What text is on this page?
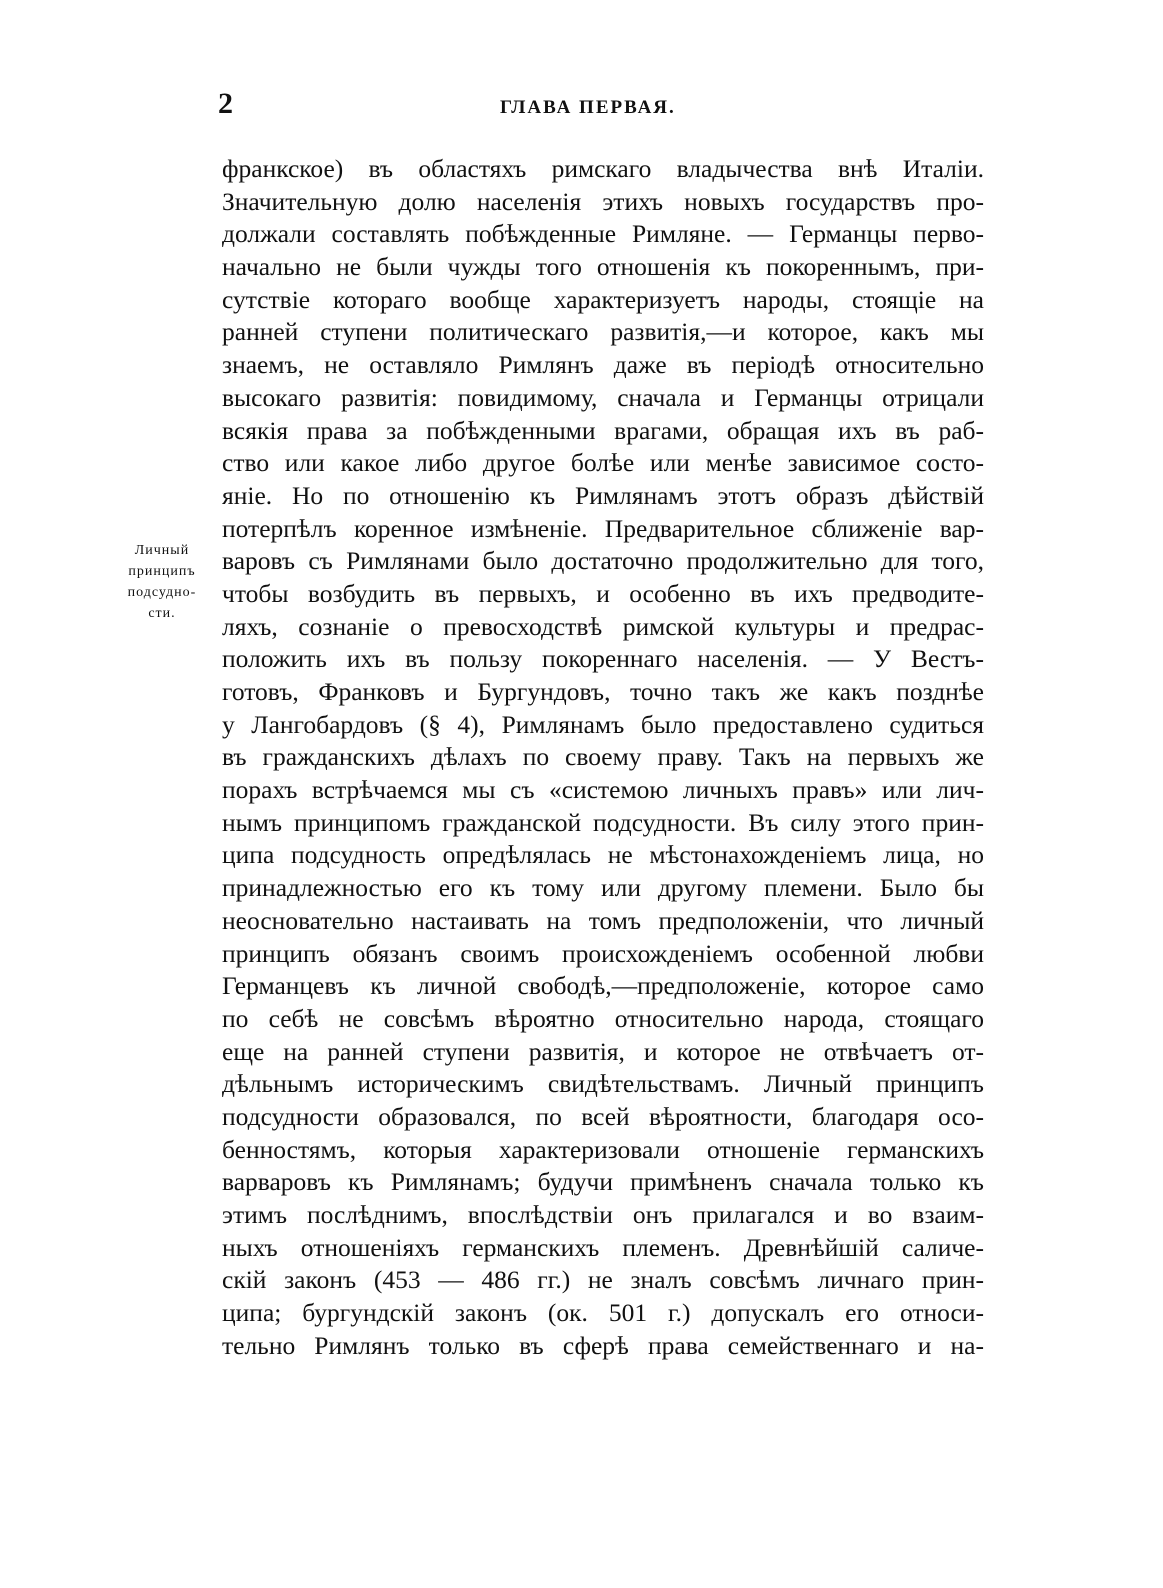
2	ГЛАВА ПЕРВАЯ.
Личный
принципъ
подсудно-
сти.
франкское) въ областяхъ римскаго владычества внѣ Италіи.
Значительную долю населенія этихъ новыхъ государствъ про-
должали составлять побѣжденные Римляне. — Германцы перво-
начально не были чужды того отношенія къ покореннымъ, при-
сутствіе котораго вообще характеризуетъ народы, стоящіе на
ранней ступени политическаго развитія,—и которое, какъ мы
знаемъ, не оставляло Римлянъ даже въ періодѣ относительно
высокаго развитія: повидимому, сначала и Германцы отрицали
всякія права за побѣжденными врагами, обращая ихъ въ раб-
ство или какое либо другое болѣе или менѣе зависимое состо-
яніе. Но по отношенію къ Римлянамъ этотъ образъ дѣйствій
потерпѣлъ коренное измѣненіе. Предварительное сближеніе вар-
варовъ съ Римлянами было достаточно продолжительно для того,
чтобы возбудить въ первыхъ, и особенно въ ихъ предводите-
ляхъ, сознаніе о превосходствѣ римской культуры и предрас-
положить ихъ въ пользу покореннаго населенія. — У Вестъ-
готовъ, Франковъ и Бургундовъ, точно такъ же какъ позднѣе
у Лангобардовъ (§ 4), Римлянамъ было предоставлено судиться
въ гражданскихъ дѣлахъ по своему праву. Такъ на первыхъ же
порахъ встрѣчаемся мы съ «системою личныхъ правъ» или лич-
нымъ принципомъ гражданской подсудности. Въ силу этого прин-
ципа подсудность опредѣлялась не мѣстонахожденіемъ лица, но
принадлежностью его къ тому или другому племени. Было бы
неосновательно настаивать на томъ предположеніи, что личный
принципъ обязанъ своимъ происхожденіемъ особенной любви
Германцевъ къ личной свободѣ,—предположеніе, которое само
по себѣ не совсѣмъ вѣроятно относительно народа, стоящаго
еще на ранней ступени развитія, и которое не отвѣчаетъ от-
дѣльнымъ историческимъ свидѣтельствамъ. Личный принципъ
подсудности образовался, по всей вѣроятности, благодаря осо-
бенностямъ, которыя характеризовали отношеніе германскихъ
варваровъ къ Римлянамъ; будучи примѣненъ сначала только къ
этимъ послѣднимъ, впослѣдствіи онъ прилагался и во взаим-
ныхъ отношеніяхъ германскихъ племенъ. Древнѣйшій саличе-
скій законъ (453 — 486 гг.) не зналъ совсѣмъ личнаго прин-
ципа; бургундскій законъ (ок. 501 г.) допускалъ его относи-
тельно Римлянъ только въ сферѣ права семейственнаго и на-
